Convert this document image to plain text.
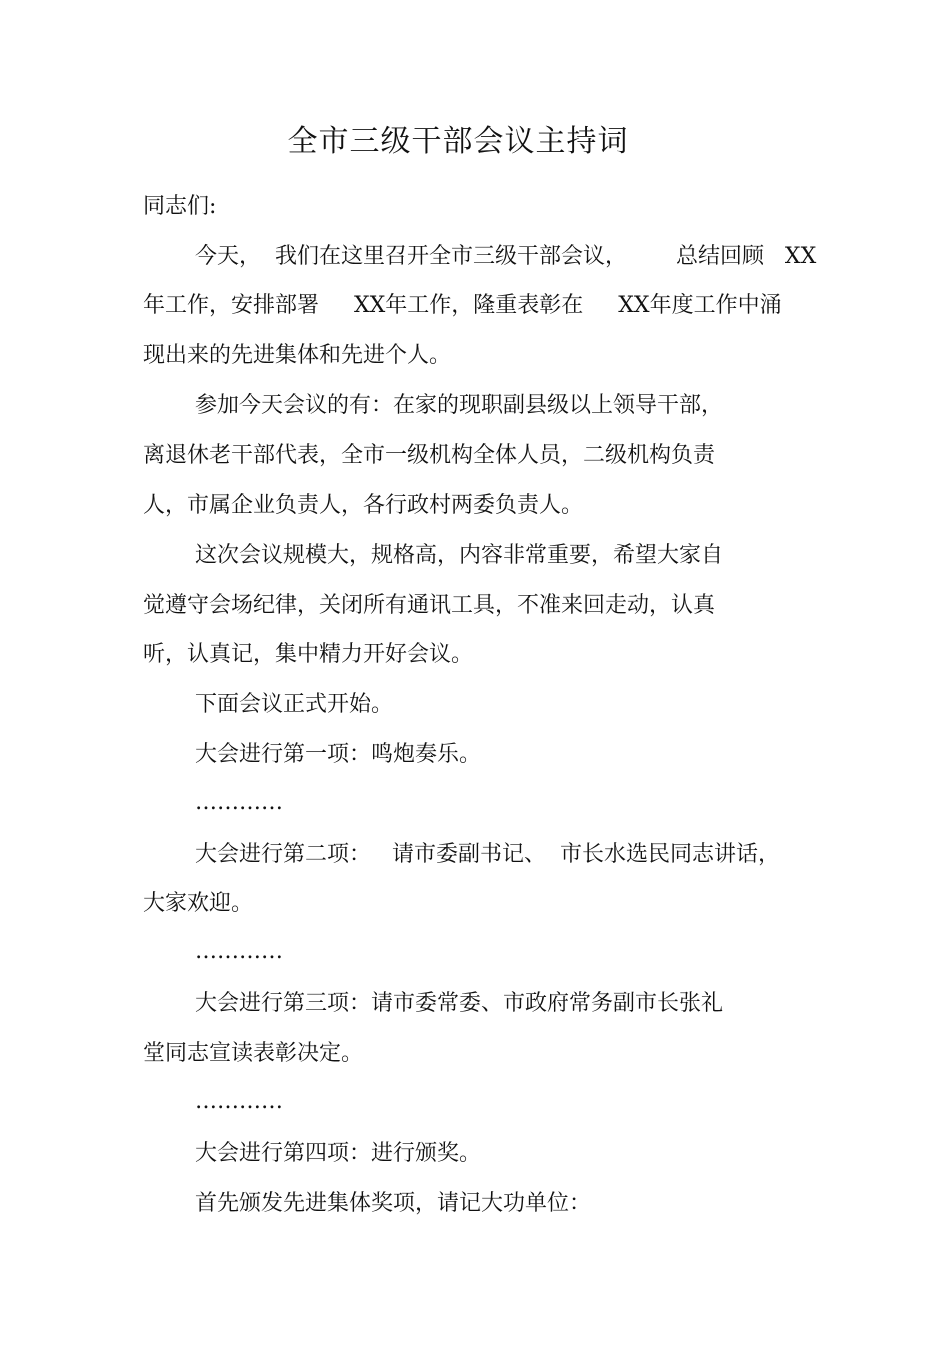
全市三级干部会议主持词
同志们:
今天，  我们在这里召开全市三级干部会议，       总结回顾   XX
年工作，安排部署     XX年工作，隆重表彰在     XX年度工作中涌
现出来的先进集体和先进个人。
参加今天会议的有：在家的现职副县级以上领导干部，
离退休老干部代表，全市一级机构全体人员，二级机构负责
人，市属企业负责人，各行政村两委负责人。
这次会议规模大，规格高，内容非常重要，希望大家自
觉遵守会场纪律，关闭所有通讯工具，不准来回走动，认真
听，认真记，集中精力开好会议。
下面会议正式开始。
大会进行第一项：鸣炮奏乐。
…………
大会进行第二项：   请市委副书记、  市长水选民同志讲话，
大家欢迎。
…………
大会进行第三项：请市委常委、市政府常务副市长张礼
堂同志宣读表彰决定。
…………
大会进行第四项：进行颁奖。
首先颁发先进集体奖项，请记大功单位：
